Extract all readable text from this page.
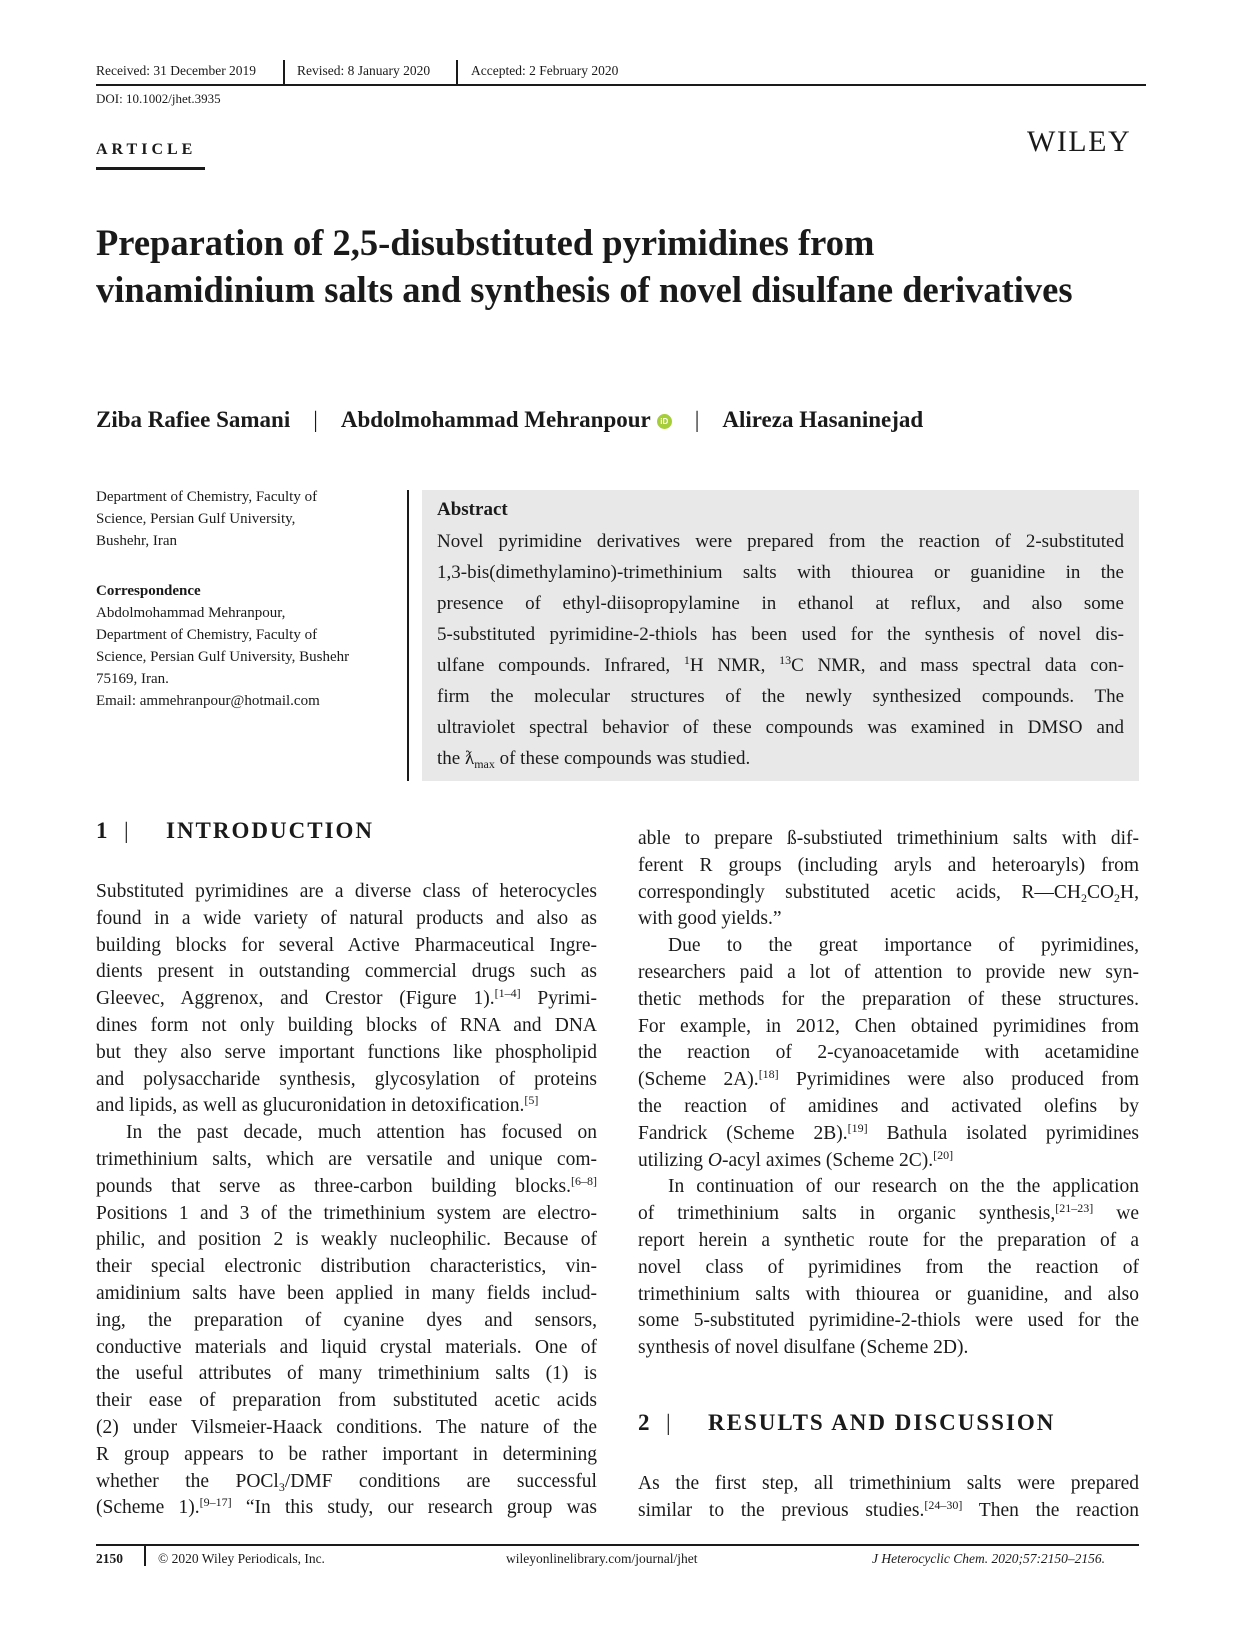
Received: 31 December 2019	Revised: 8 January 2020	Accepted: 2 February 2020
DOI: 10.1002/jhet.3935
ARTICLE	WILEY
Preparation of 2,5-disubstituted pyrimidines from vinamidinium salts and synthesis of novel disulfane derivatives
Ziba Rafiee Samani | Abdolmohammad Mehranpour iD | Alireza Hasaninejad
Department of Chemistry, Faculty of
Science, Persian Gulf University,
Bushehr, Iran
Correspondence
Abdolmohammad Mehranpour,
Department of Chemistry, Faculty of
Science, Persian Gulf University, Bushehr
75169, Iran.
Email: ammehranpour@hotmail.com
Abstract
Novel pyrimidine derivatives were prepared from the reaction of 2-substituted
1,3-bis(dimethylamino)-trimethinium salts with thiourea or guanidine in the
presence of ethyl-diisopropylamine in ethanol at reflux, and also some
5-substituted pyrimidine-2-thiols has been used for the synthesis of novel dis-
ulfane compounds. Infrared, $^1$H NMR, $^{13}$C NMR, and mass spectral data con-
firm the molecular structures of the newly synthesized compounds. The
ultraviolet spectral behavior of these compounds was examined in DMSO and
the $ƛ_{max}$ of these compounds was studied.
1 | INTRODUCTION
Substituted pyrimidines are a diverse class of heterocycles
found in a wide variety of natural products and also as
building blocks for several Active Pharmaceutical Ingre-
dients present in outstanding commercial drugs such as
Gleevec, Aggrenox, and Crestor (Figure 1).[1–4] Pyrimi-
dines form not only building blocks of RNA and DNA
but they also serve important functions like phospholipid
and polysaccharide synthesis, glycosylation of proteins
and lipids, as well as glucuronidation in detoxification.[5]
In the past decade, much attention has focused on
trimethinium salts, which are versatile and unique com-
pounds that serve as three-carbon building blocks.[6–8]
Positions 1 and 3 of the trimethinium system are electro-
philic, and position 2 is weakly nucleophilic. Because of
their special electronic distribution characteristics, vin-
amidinium salts have been applied in many fields includ-
ing, the preparation of cyanine dyes and sensors,
conductive materials and liquid crystal materials. One of
the useful attributes of many trimethinium salts (1) is
their ease of preparation from substituted acetic acids
(2) under Vilsmeier-Haack conditions. The nature of the
R group appears to be rather important in determining
whether the POCl$_3$/DMF conditions are successful
(Scheme 1).[9–17] “In this study, our research group was
able to prepare ß-substiuted trimethinium salts with dif-
ferent R groups (including aryls and heteroaryls) from
correspondingly substituted acetic acids, $R—CH_2CO_2H$,
with good yields.”
Due to the great importance of pyrimidines,
researchers paid a lot of attention to provide new syn-
thetic methods for the preparation of these structures.
For example, in 2012, Chen obtained pyrimidines from
the reaction of 2-cyanoacetamide with acetamidine
(Scheme 2A).[18] Pyrimidines were also produced from
the reaction of amidines and activated olefins by
Fandrick (Scheme 2B).[19] Bathula isolated pyrimidines
utilizing O-acyl aximes (Scheme 2C).[20]
In continuation of our research on the the application
of trimethinium salts in organic synthesis,[21–23] we
report herein a synthetic route for the preparation of a
novel class of pyrimidines from the reaction of
trimethinium salts with thiourea or guanidine, and also
some 5-substituted pyrimidine-2-thiols were used for the
synthesis of novel disulfane (Scheme 2D).
2 | RESULTS AND DISCUSSION
As the first step, all trimethinium salts were prepared
similar to the previous studies.[24–30] Then the reaction
2150	© 2020 Wiley Periodicals, Inc.	wileyonlinelibrary.com/journal/jhet	J Heterocyclic Chem. 2020;57:2150–2156.
